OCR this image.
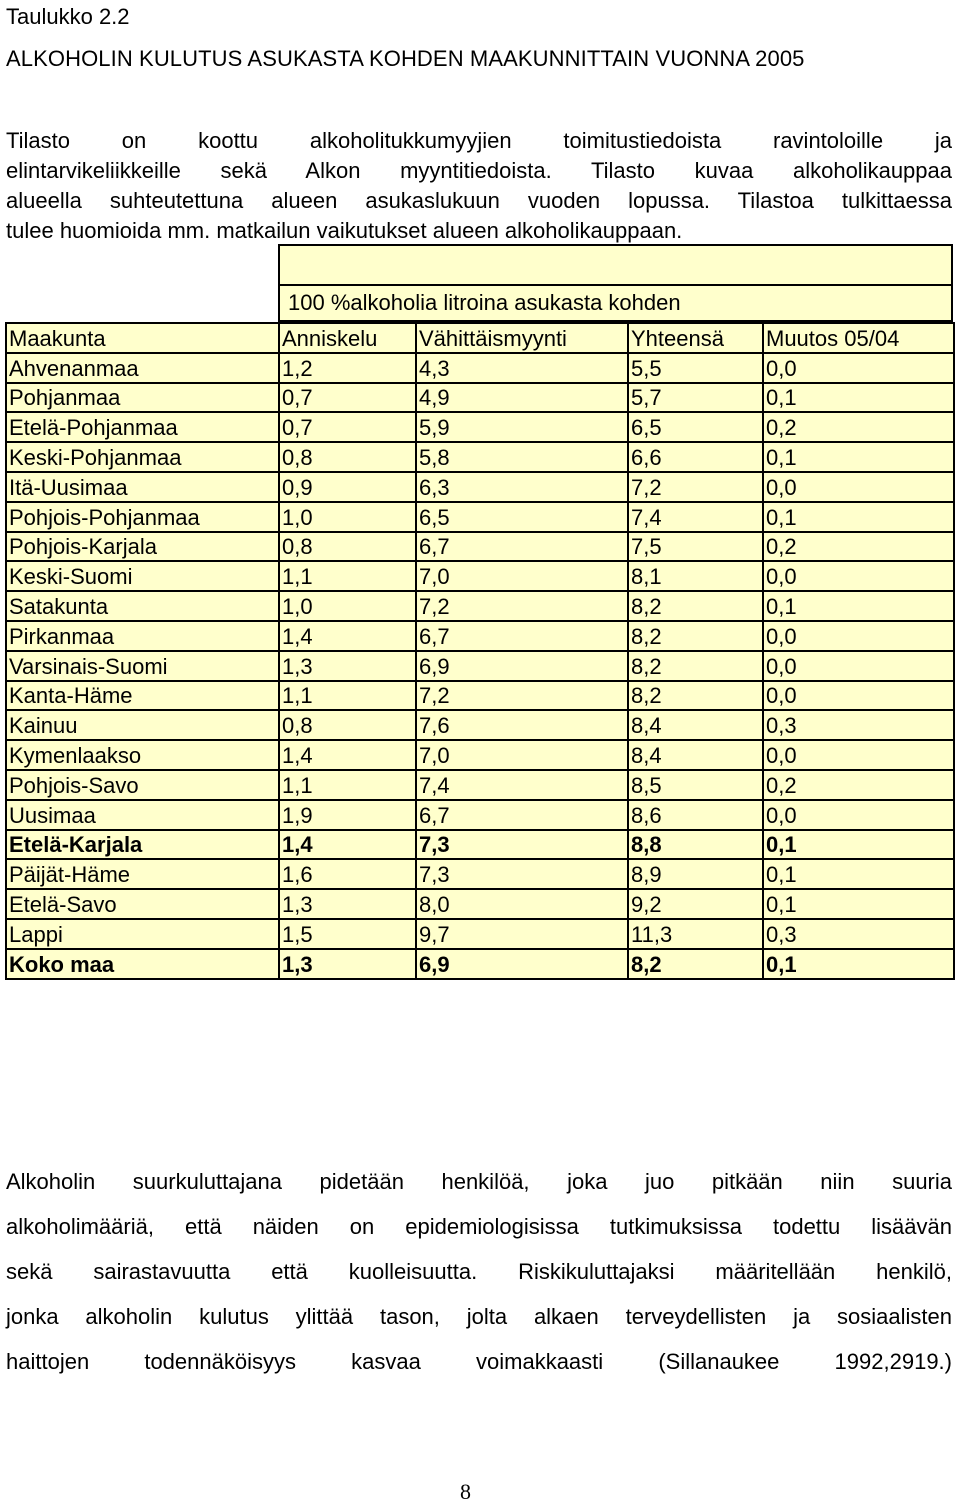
Taulukko 2.2
ALKOHOLIN KULUTUS ASUKASTA KOHDEN MAAKUNNITTAIN VUONNA 2005
Tilasto on koottu alkoholitukkumyyjien toimitustiedoista ravintoloille ja
elintarvikeliikkeille sekä Alkon myyntitiedoista. Tilasto kuvaa alkoholikauppaa
alueella suhteutettuna alueen asukaslukuun vuoden lopussa. Tilastoa tulkittaessa
tulee huomioida mm. matkailun vaikutukset alueen alkoholikauppaan.
100 %alkoholia litroina asukasta kohden
Maakunta	Anniskelu	Vähittäismyynti	Yhteensä	Muutos 05/04
Ahvenanmaa	1,2	4,3	5,5	0,0
Pohjanmaa	0,7	4,9	5,7	0,1
Etelä-Pohjanmaa	0,7	5,9	6,5	0,2
Keski-Pohjanmaa	0,8	5,8	6,6	0,1
Itä-Uusimaa	0,9	6,3	7,2	0,0
Pohjois-Pohjanmaa	1,0	6,5	7,4	0,1
Pohjois-Karjala	0,8	6,7	7,5	0,2
Keski-Suomi	1,1	7,0	8,1	0,0
Satakunta	1,0	7,2	8,2	0,1
Pirkanmaa	1,4	6,7	8,2	0,0
Varsinais-Suomi	1,3	6,9	8,2	0,0
Kanta-Häme	1,1	7,2	8,2	0,0
Kainuu	0,8	7,6	8,4	0,3
Kymenlaakso	1,4	7,0	8,4	0,0
Pohjois-Savo	1,1	7,4	8,5	0,2
Uusimaa	1,9	6,7	8,6	0,0
Etelä-Karjala	1,4	7,3	8,8	0,1
Päijät-Häme	1,6	7,3	8,9	0,1
Etelä-Savo	1,3	8,0	9,2	0,1
Lappi	1,5	9,7	11,3	0,3
Koko maa	1,3	6,9	8,2	0,1
Alkoholin suurkuluttajana pidetään henkilöä, joka juo pitkään niin suuria
alkoholimääriä, että näiden on epidemiologisissa tutkimuksissa todettu lisäävän
sekä sairastavuutta että kuolleisuutta. Riskikuluttajaksi määritellään henkilö,
jonka alkoholin kulutus ylittää tason, jolta alkaen terveydellisten ja sosiaalisten
haittojen todennäköisyys kasvaa voimakkaasti (Sillanaukee 1992,2919.)
8
